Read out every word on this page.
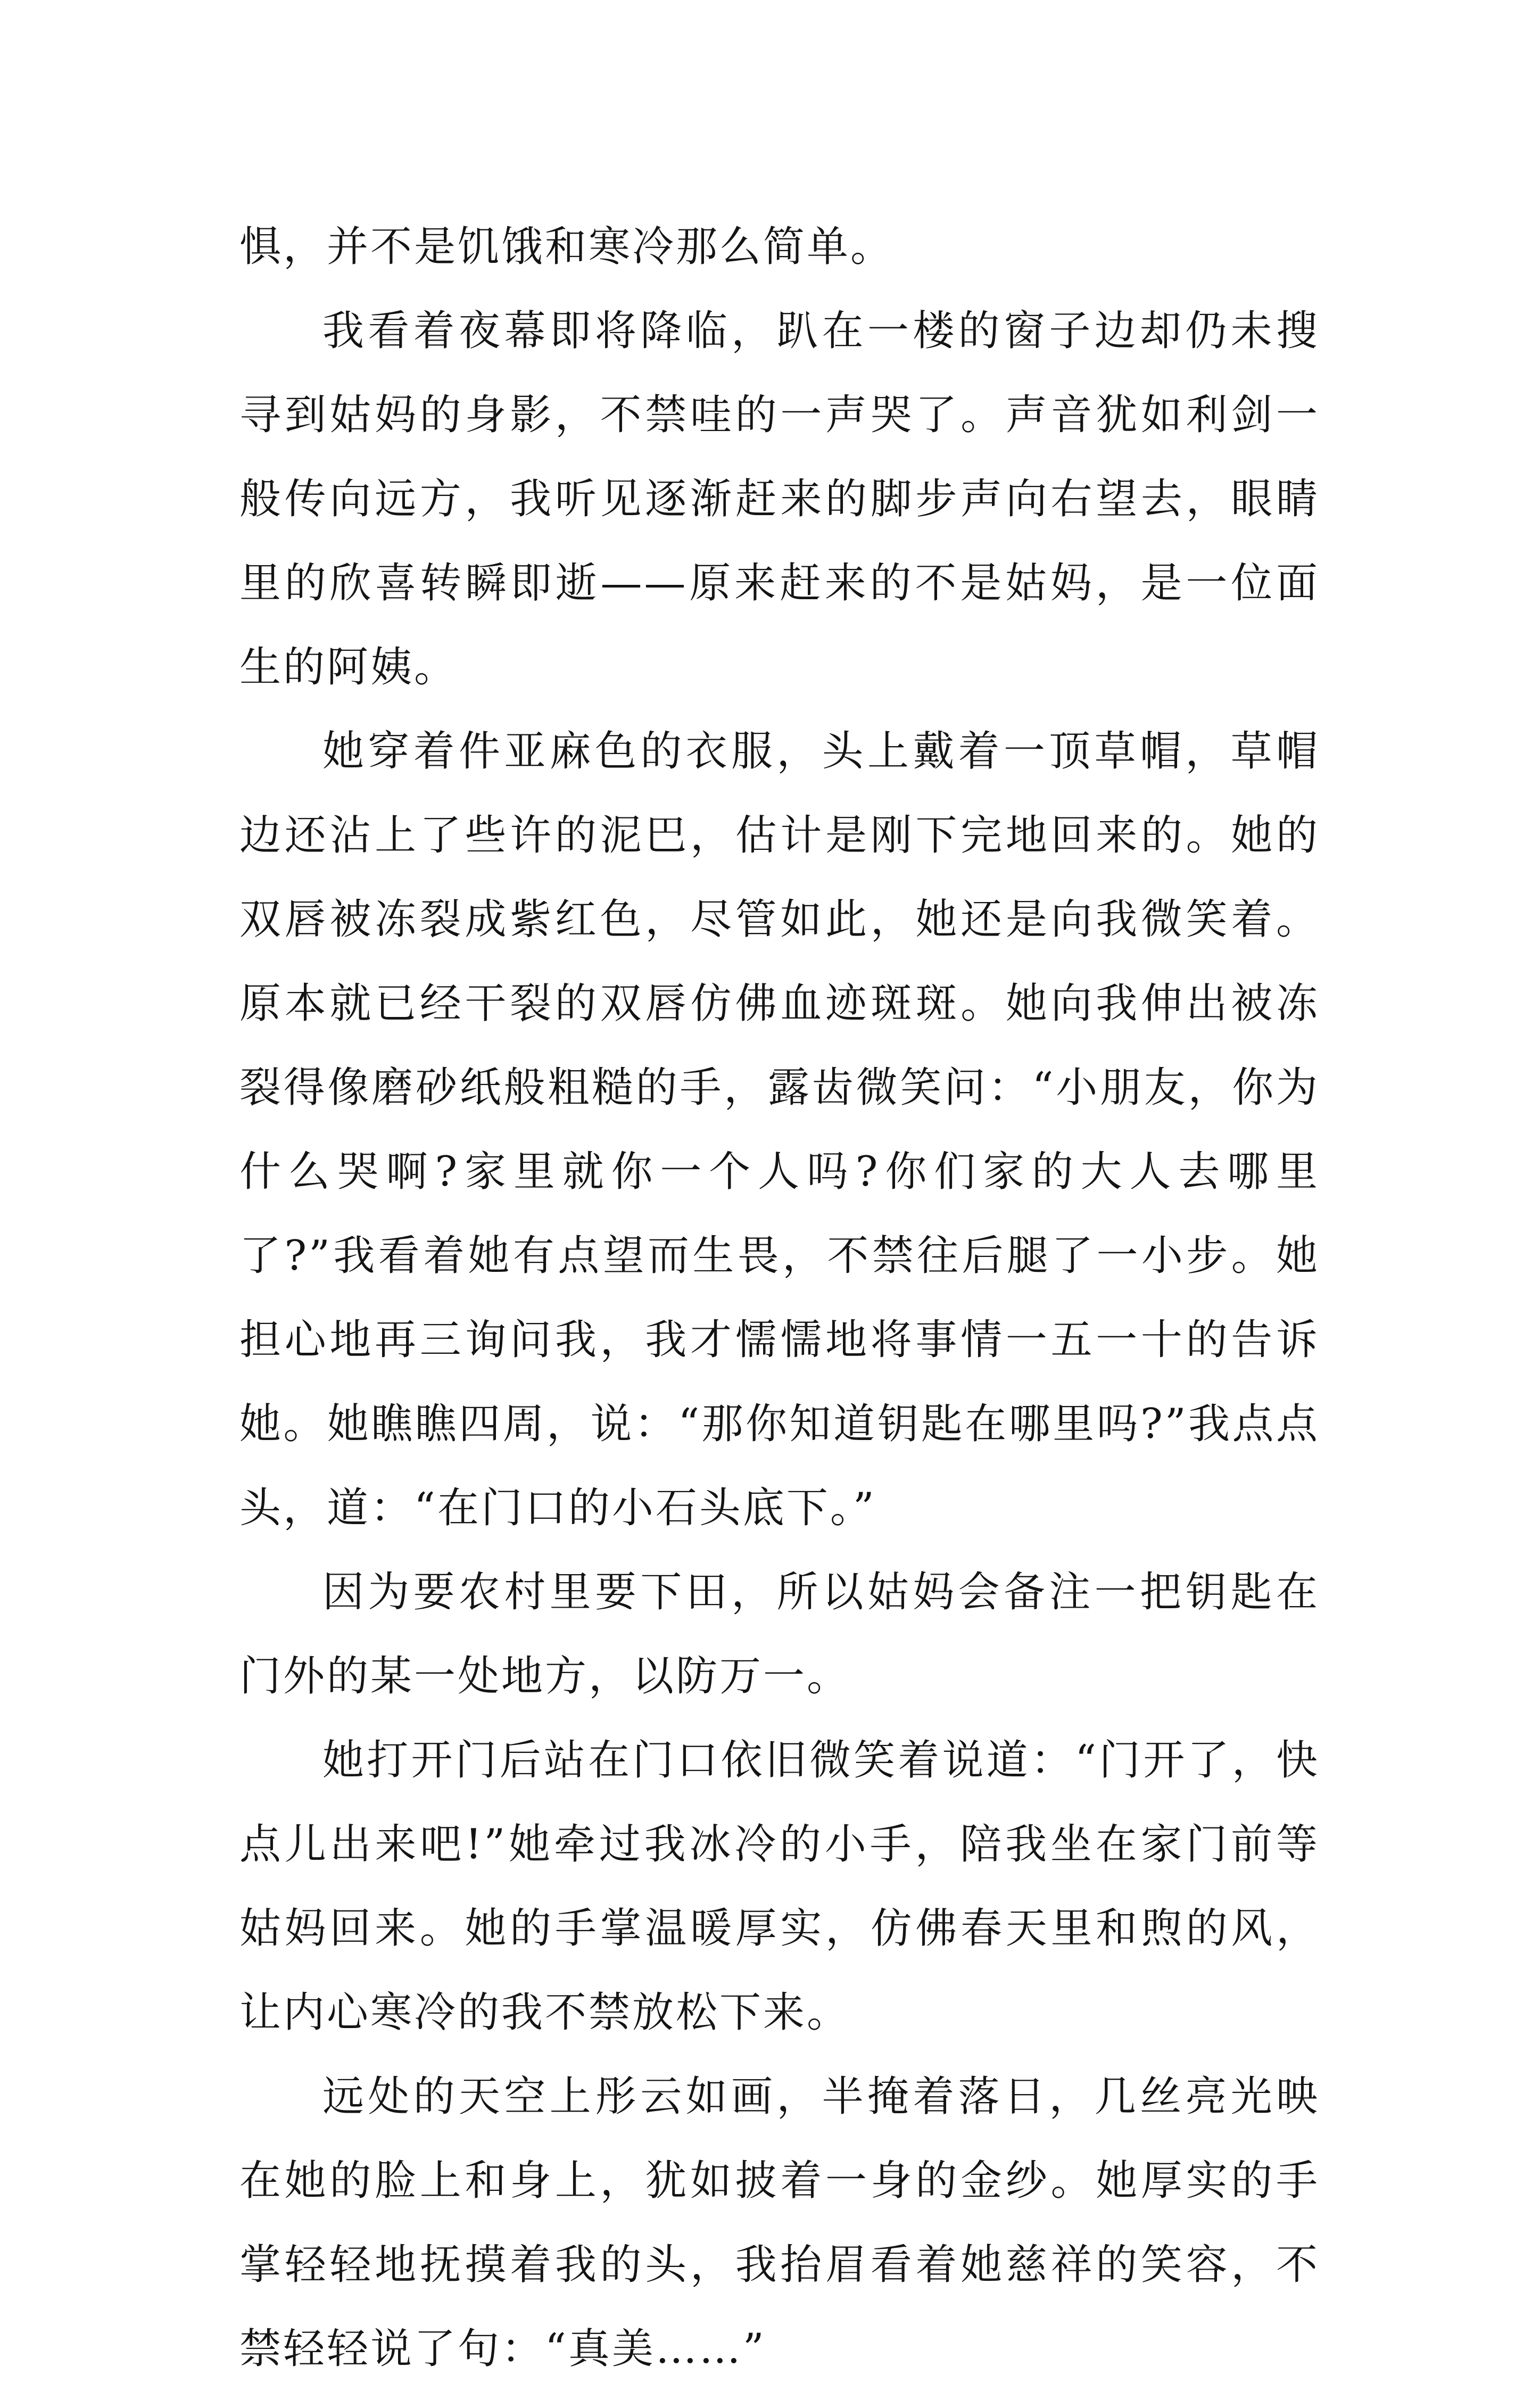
惧，并不是饥饿和寒冷那么简单。

我看着夜幕即将降临，趴在一楼的窗子边却仍未搜寻到姑妈的身影，不禁哇的一声哭了。声音犹如利剑一般传向远方，我听见逐渐赶来的脚步声向右望去，眼睛里的欣喜转瞬即逝——原来赶来的不是姑妈，是一位面生的阿姨。

她穿着件亚麻色的衣服，头上戴着一顶草帽，草帽边还沾上了些许的泥巴，估计是刚下完地回来的。她的双唇被冻裂成紫红色，尽管如此，她还是向我微笑着。原本就已经干裂的双唇仿佛血迹斑斑。她向我伸出被冻裂得像磨砂纸般粗糙的手，露齿微笑问：“小朋友，你为什么哭啊?家里就你一个人吗?你们家的大人去哪里了?”我看着她有点望而生畏，不禁往后腿了一小步。她担心地再三询问我，我才懦懦地将事情一五一十的告诉她。她瞧瞧四周，说：“那你知道钥匙在哪里吗?”我点点头，道：“在门口的小石头底下。”

因为要农村里要下田，所以姑妈会备注一把钥匙在门外的某一处地方，以防万一。

她打开门后站在门口依旧微笑着说道：“门开了，快点儿出来吧!”她牵过我冰冷的小手，陪我坐在家门前等姑妈回来。她的手掌温暖厚实，仿佛春天里和煦的风，让内心寒冷的我不禁放松下来。

远处的天空上彤云如画，半掩着落日，几丝亮光映在她的脸上和身上，犹如披着一身的金纱。她厚实的手掌轻轻地抚摸着我的头，我抬眉看着她慈祥的笑容，不禁轻轻说了句：“真美……”
